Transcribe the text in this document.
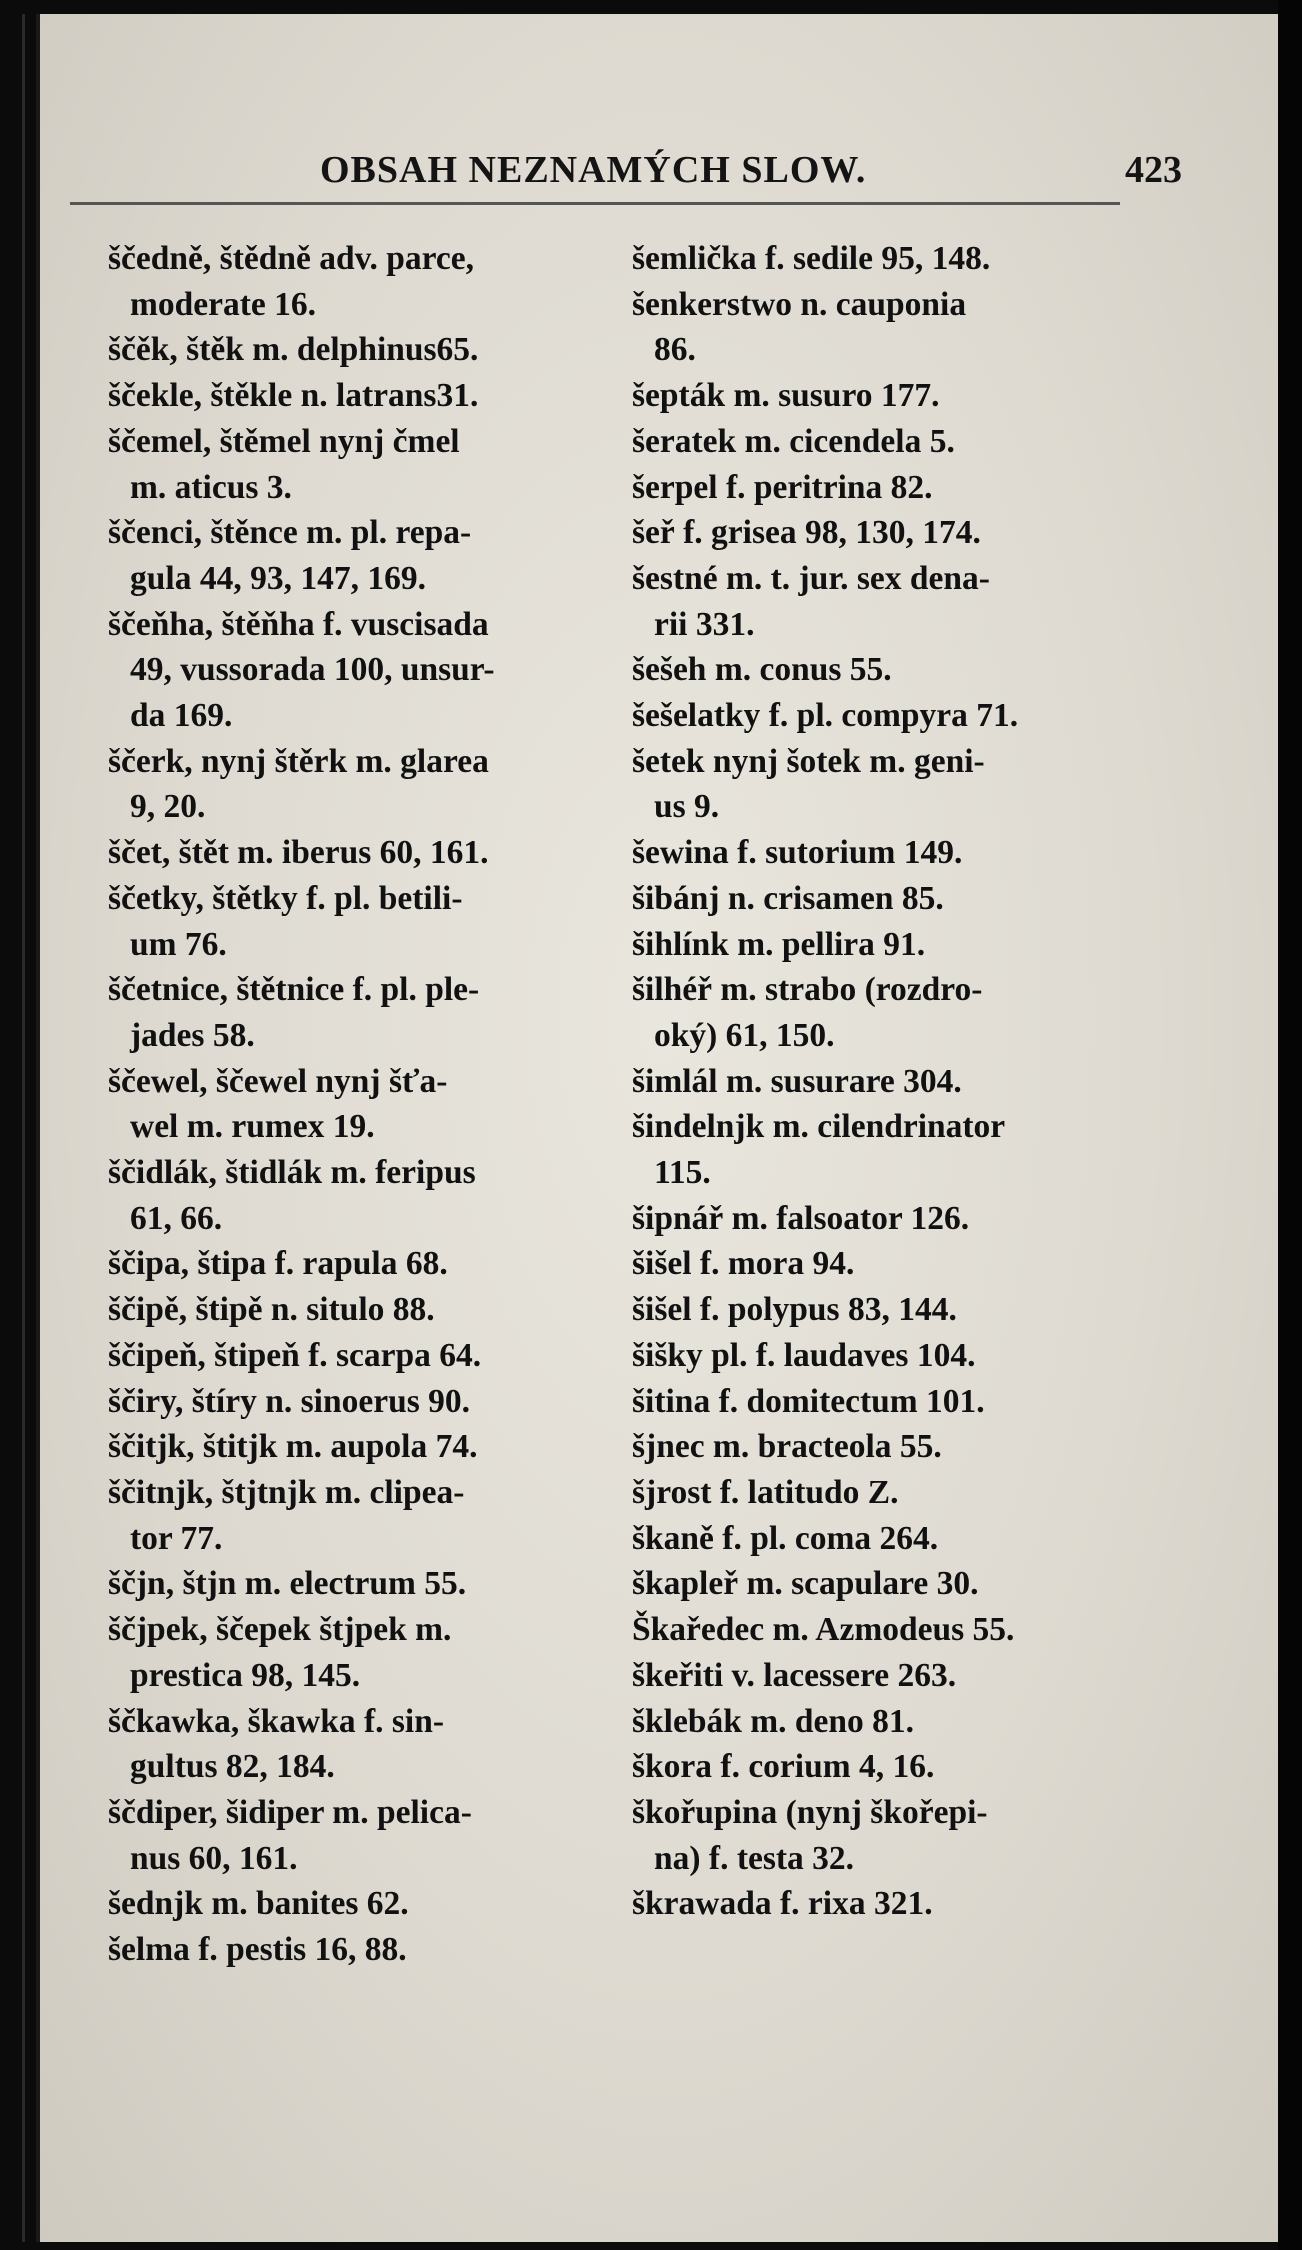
OBSAH NEZNAMÝCH SLOW.	423
ščedně, štědně adv. parce,

moderate 16.
ščěk, štěk m. delphinus65.
ščekle, štěkle n. latrans31.
ščemel, štěmel nynj čmel

m. aticus 3.
ščenci, štěnce m. pl. repa-

gula 44, 93, 147, 169.
ščeňha, štěňha f. vuscisada

49, vussorada 100, unsur-
da 169.
ščerk, nynj štěrk m. glarea

9, 20.
ščet, štět m. iberus 60, 161.
ščetky, štětky f. pl. betili-

um 76.
ščetnice, štětnice f. pl. ple-

jades 58.
ščewel, ščewel nynj šťa-

wel m. rumex 19.
ščidlák, štidlák m. feripus

61, 66.
ščipa, štipa f. rapula 68.
ščipě, štipě n. situlo 88.
ščipeň, štipeň f. scarpa 64.
ščiry, štíry n. sinoerus 90.
ščitjk, štitjk m. aupola 74.
ščitnjk, štjtnjk m. clipea-

tor 77.
ščjn, štjn m. electrum 55.
ščjpek, ščepek štjpek m.

prestica 98, 145.
ščkawka, škawka f. sin-

gultus 82, 184.
ščdiper, šidiper m. pelica-

nus 60, 161.
šednjk m. banites 62.
šelma f. pestis 16, 88.
šemlička f. sedile 95, 148.
šenkerstwo n. cauponia

86.
šepták m. susuro 177.
šeratek m. cicendela 5.
šerpel f. peritrina 82.
šeř f. grisea 98, 130, 174.
šestné m. t. jur. sex dena-

rii 331.
šešeh m. conus 55.
šešelatky f. pl. compyra 71.
šetek nynj šotek m. geni-

us 9.
šewina f. sutorium 149.
šibánj n. crisamen 85.
šihlínk m. pellira 91.
šilhéř m. strabo (rozdro-

oký) 61, 150.
šimlál m. susurare 304.
šindelnjk m. cilendrinator

115.
šipnář m. falsoator 126.
šišel f. mora 94.
šišel f. polypus 83, 144.
šišky pl. f. laudaves 104.
šitina f. domitectum 101.
šjnec m. bracteola 55.
šjrost f. latitudo Z.
škaně f. pl. coma 264.
škapleř m. scapulare 30.
Škaředec m. Azmodeus 55.
škeřiti v. lacessere 263.
šklebák m. deno 81.
škora f. corium 4, 16.
škořupina (nynj škořepi-

na) f. testa 32.
škrawada f. rixa 321.
